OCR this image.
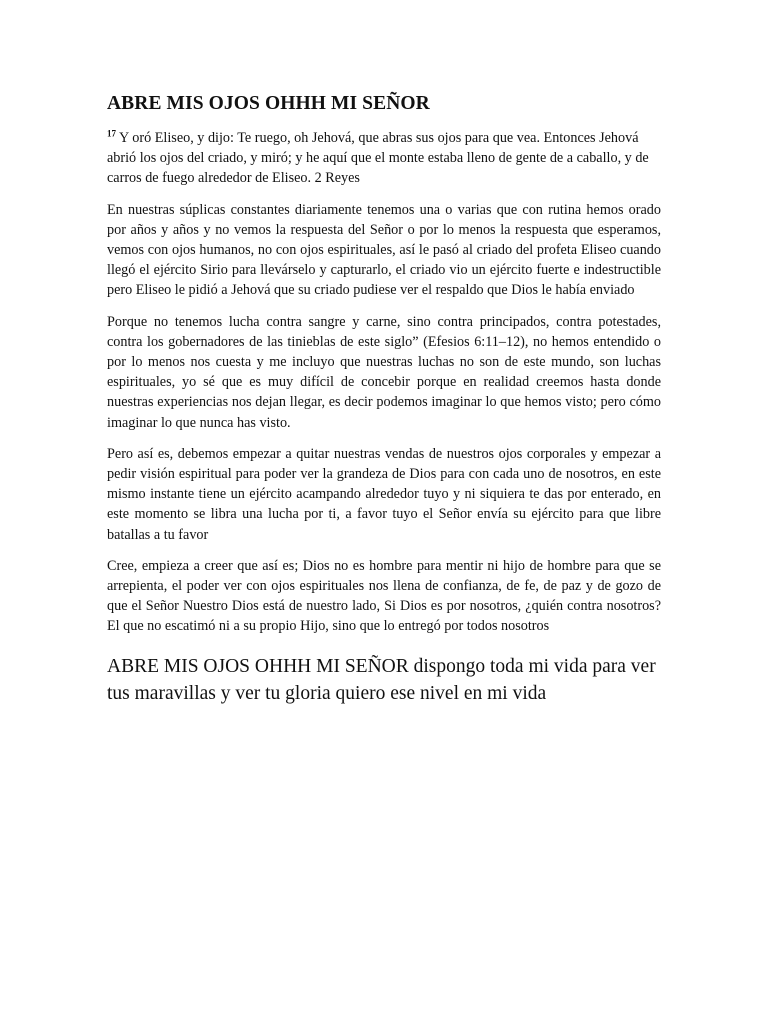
ABRE MIS OJOS OHHH MI SEÑOR

$^{17}$ Y oró Eliseo, y dijo: Te ruego, oh Jehová, que abras sus ojos para que vea. Entonces Jehová abrió los ojos del criado, y miró; y he aquí que el monte estaba lleno de gente de a caballo, y de carros de fuego alrededor de Eliseo. 2 Reyes

En nuestras súplicas constantes diariamente tenemos una o varias que con rutina hemos orado por años y años y no vemos la respuesta del Señor o por lo menos la respuesta que esperamos, vemos con ojos humanos, no con ojos espirituales, así le pasó al criado del profeta Eliseo cuando llegó el ejército Sirio para llevárselo y capturarlo, el criado vio un ejército fuerte e indestructible pero Eliseo le pidió a Jehová que su criado pudiese ver el respaldo que Dios le había enviado

Porque no tenemos lucha contra sangre y carne, sino contra principados, contra potestades, contra los gobernadores de las tinieblas de este siglo” (Efesios 6:11–12), no hemos entendido o por lo menos nos cuesta y me incluyo que nuestras luchas no son de este mundo, son luchas espirituales, yo sé que es muy difícil de concebir porque en realidad creemos hasta donde nuestras experiencias nos dejan llegar, es decir podemos imaginar lo que hemos visto; pero cómo imaginar lo que nunca has visto.

Pero así es, debemos empezar a quitar nuestras vendas de nuestros ojos corporales y empezar a pedir visión espiritual para poder ver la grandeza de Dios para con cada uno de nosotros, en este mismo instante tiene un ejército acampando alrededor tuyo y ni siquiera te das por enterado, en este momento se libra una lucha por ti, a favor tuyo el Señor envía su ejército para que libre batallas a tu favor

Cree, empieza a creer que así es; Dios no es hombre para mentir ni hijo de hombre para que se arrepienta, el poder ver con ojos espirituales nos llena de confianza, de fe, de paz y de gozo de que el Señor Nuestro Dios está de nuestro lado, Si Dios es por nosotros, ¿quién contra nosotros? El que no escatimó ni a su propio Hijo, sino que lo entregó por todos nosotros

ABRE MIS OJOS OHHH MI SEÑOR dispongo toda mi vida para ver tus maravillas y ver tu gloria quiero ese nivel en mi vida
